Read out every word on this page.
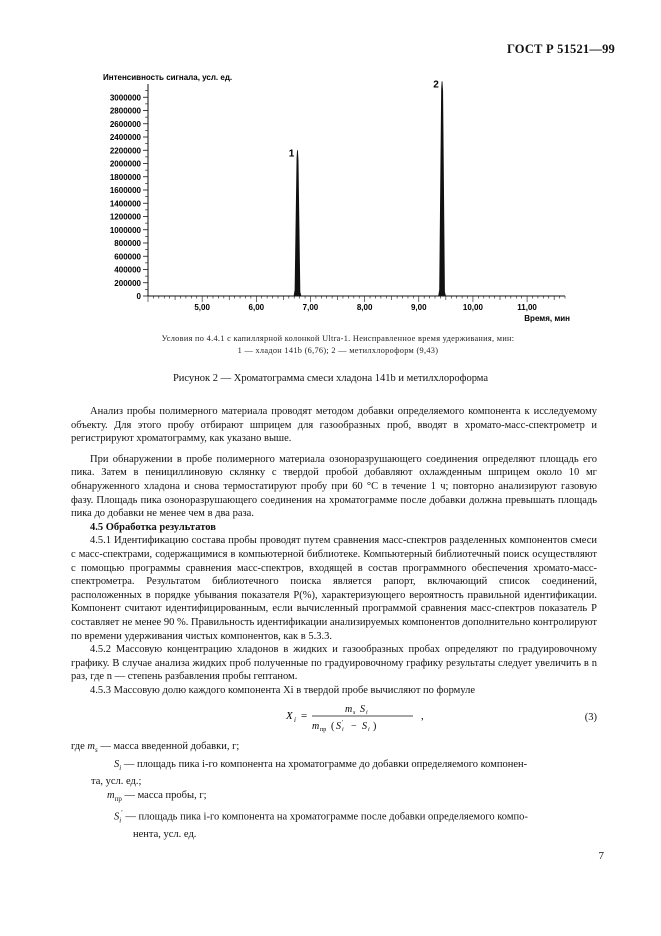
ГОСТ Р 51521—99
Интенсивность сигнала, усл. ед.
Время, мин
0
200000
400000
600000
800000
1000000
1200000
1400000
1600000
1800000
2000000
2200000
2400000
2600000
2800000
3000000
5,00	6,00	7,00	8,00	9,00	10,00	11,00
1
2
Условия по 4.4.1 с капиллярной колонкой Ultra-1. Неисправленное время удерживания, мин:
1 — хладон 141b (6,76); 2 — метилхлороформ (9,43)
Рисунок 2 — Хроматограмма смеси хладона 141b и метилхлороформа

Анализ пробы полимерного материала проводят методом добавки определяемого компонента к исследуемому объекту. Для этого пробу отбирают шприцем для газообразных проб, вводят в хромато-масс-спектрометр и регистрируют хроматограмму, как указано выше.

При обнаружении в пробе полимерного материала озоноразрушающего соединения определяют площадь его пика. Затем в пенициллиновую склянку с твердой пробой добавляют охлажденным шприцем около 10 мг обнаруженного хладона и снова термостатируют пробу при 60 °С в течение 1 ч; повторно анализируют газовую фазу. Площадь пика озоноразрушающего соединения на хроматограмме после добавки должна превышать площадь пика до добавки не менее чем в два раза.

4.5 Обработка результатов

4.5.1 Идентификацию состава пробы проводят путем сравнения масс-спектров разделенных компонентов смеси с масс-спектрами, содержащимися в компьютерной библиотеке. Компьютерный библиотечный поиск осуществляют с помощью программы сравнения масс-спектров, входящей в состав программного обеспечения хромато-масс-спектрометра. Результатом библиотечного поиска является рапорт, включающий список соединений, расположенных в порядке убывания показателя P(%), характеризующего вероятность правильной идентификации. Компонент считают идентифицированным, если вычисленный программой сравнения масс-спектров показатель P составляет не менее 90 %. Правильность идентификации анализируемых компонентов дополнительно контролируют по времени удерживания чистых компонентов, как в 5.3.3.

4.5.2 Массовую концентрацию хладонов в жидких и газообразных пробах определяют по градуировочному графику. В случае анализа жидких проб полученные по градуировочному графику результаты следует увеличить в n раз, где n — степень разбавления пробы гептаном.

4.5.3 Массовую долю каждого компонента Xi в твердой пробе вычисляют по формуле

X i =
m s S i
m пр ( S i
′ − S i )
,	(3)
где $m_s$ — масса введенной добавки, г;
$S_i$ — площадь пика i-го компонента на хроматограмме до добавки определяемого компонен-
та, усл. ед.;
$m_{пр}$ — масса пробы, г;
$S_i'$ — площадь пика i-го компонента на хроматограмме после добавки определяемого компо-
нента, усл. ед.
7
